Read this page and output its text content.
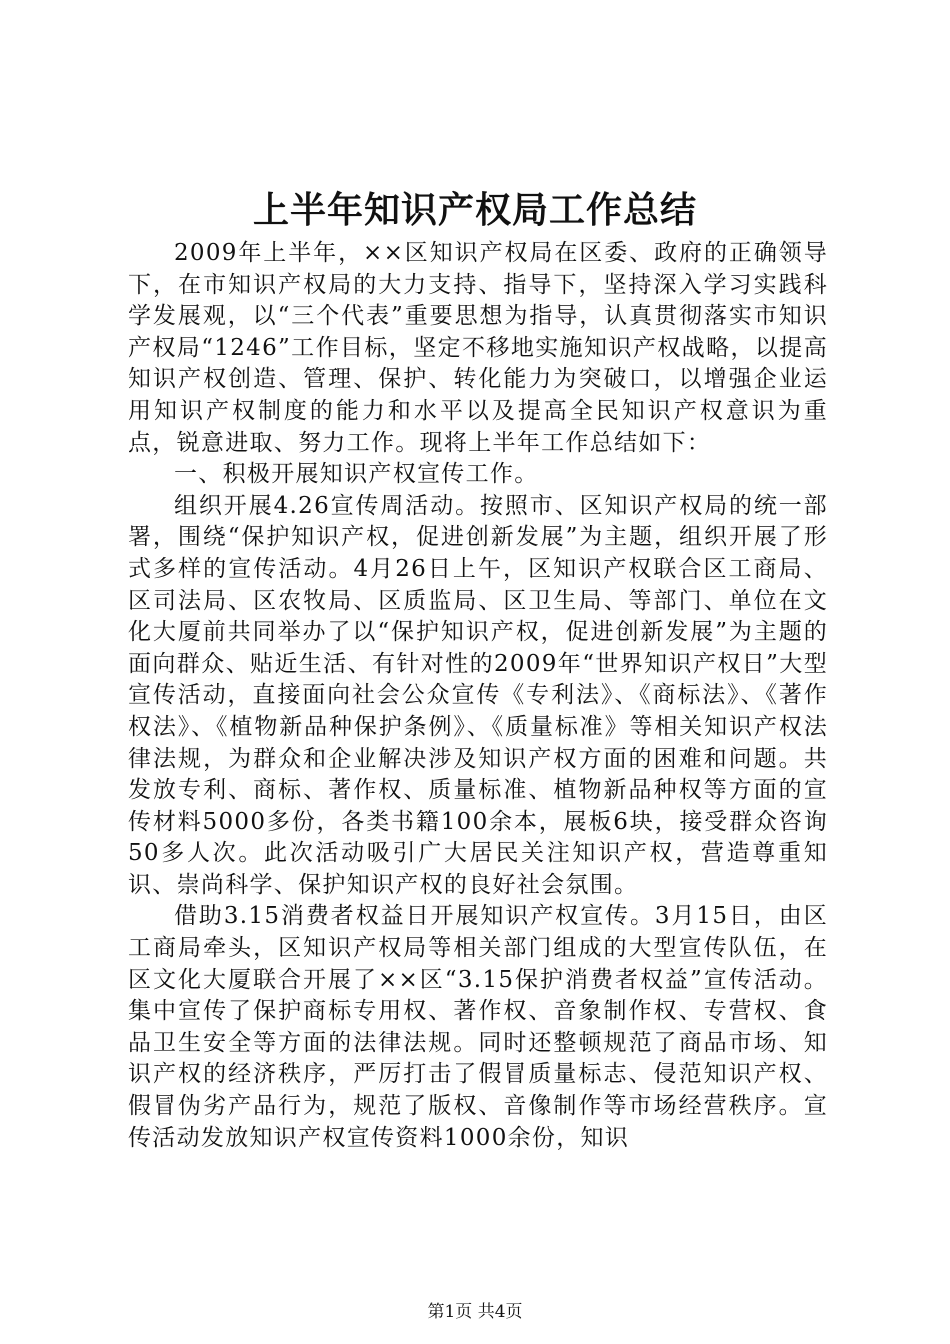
上半年知识产权局工作总结

2009年上半年，××区知识产权局在区委、政府的正确领导下，在市知识产权局的大力支持、指导下，坚持深入学习实践科学发展观，以“三个代表”重要思想为指导，认真贯彻落实市知识产权局“1246”工作目标，坚定不移地实施知识产权战略，以提高知识产权创造、管理、保护、转化能力为突破口，以增强企业运用知识产权制度的能力和水平以及提高全民知识产权意识为重点，锐意进取、努力工作。现将上半年工作总结如下：

一、积极开展知识产权宣传工作。

组织开展4.26宣传周活动。按照市、区知识产权局的统一部署，围绕“保护知识产权，促进创新发展”为主题，组织开展了形式多样的宣传活动。4月26日上午，区知识产权联合区工商局、区司法局、区农牧局、区质监局、区卫生局、等部门、单位在文化大厦前共同举办了以“保护知识产权，促进创新发展”为主题的面向群众、贴近生活、有针对性的2009年“世界知识产权日”大型宣传活动，直接面向社会公众宣传《专利法》、《商标法》、《著作权法》、《植物新品种保护条例》、《质量标准》等相关知识产权法律法规，为群众和企业解决涉及知识产权方面的困难和问题。共发放专利、商标、著作权、质量标准、植物新品种权等方面的宣传材料5000多份，各类书籍100余本，展板6块，接受群众咨询50多人次。此次活动吸引广大居民关注知识产权，营造尊重知识、崇尚科学、保护知识产权的良好社会氛围。

借助3.15消费者权益日开展知识产权宣传。3月15日，由区工商局牵头，区知识产权局等相关部门组成的大型宣传队伍，在区文化大厦联合开展了××区“3.15保护消费者权益”宣传活动。集中宣传了保护商标专用权、著作权、音象制作权、专营权、食品卫生安全等方面的法律法规。同时还整顿规范了商品市场、知识产权的经济秩序，严厉打击了假冒质量标志、侵范知识产权、假冒伪劣产品行为，规范了版权、音像制作等市场经营秩序。宣传活动发放知识产权宣传资料1000余份，知识

第1页 共4页
